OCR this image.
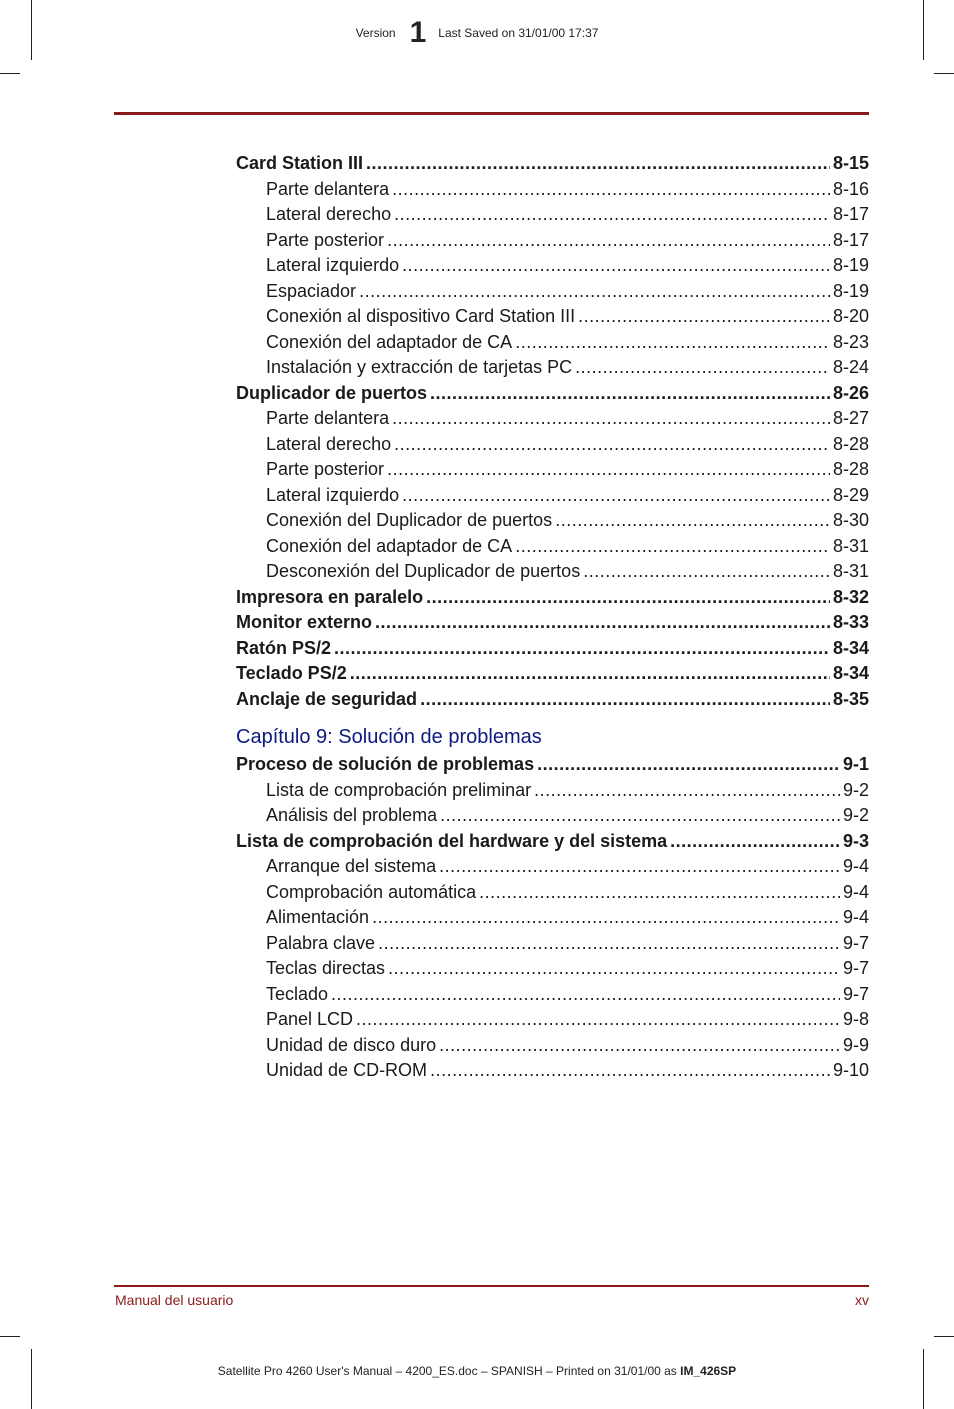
Version 1 Last Saved on 31/01/00 17:37
Card Station III .....	8-15
Parte delantera .....	8-16
Lateral derecho .....	8-17
Parte posterior .....	8-17
Lateral izquierdo .....	8-19
Espaciador .....	8-19
Conexión al dispositivo Card Station III .....	8-20
Conexión del adaptador de CA .....	8-23
Instalación y extracción de tarjetas PC .....	8-24
Duplicador de puertos .....	8-26
Parte delantera .....	8-27
Lateral derecho .....	8-28
Parte posterior .....	8-28
Lateral izquierdo .....	8-29
Conexión del Duplicador de puertos .....	8-30
Conexión del adaptador de CA .....	8-31
Desconexión del Duplicador de puertos .....	8-31
Impresora en paralelo .....	8-32
Monitor externo .....	8-33
Ratón PS/2 .....	8-34
Teclado PS/2 .....	8-34
Anclaje de seguridad .....	8-35
Capítulo 9: Solución de problemas
Proceso de solución de problemas .....	9-1
Lista de comprobación preliminar .....	9-2
Análisis del problema .....	9-2
Lista de comprobación del hardware y del sistema .....	9-3
Arranque del sistema .....	9-4
Comprobación automática .....	9-4
Alimentación .....	9-4
Palabra clave .....	9-7
Teclas directas .....	9-7
Teclado .....	9-7
Panel LCD .....	9-8
Unidad de disco duro .....	9-9
Unidad de CD-ROM .....	9-10
Manual del usuario	xv
Satellite Pro 4260 User's Manual – 4200_ES.doc – SPANISH – Printed on 31/01/00 as IM_426SP
